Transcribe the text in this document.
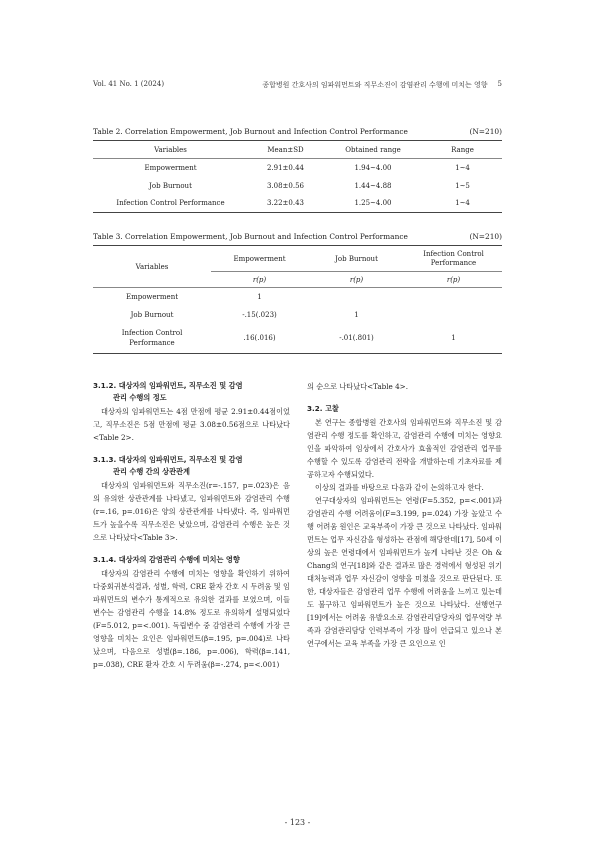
Vol. 41 No. 1 (2024)	종합병원 간호사의 임파워먼트와 직무소진이 감염관리 수행에 미치는 영향 5
Table 2. Correlation Empowerment, Job Burnout and Infection Control Performance	(N=210)
Variables	Mean±SD	Obtained range	Range
Empowerment	2.91±0.44	1.94~4.00	1~4
Job Burnout	3.08±0.56	1.44~4.88	1~5
Infection Control Performance	3.22±0.43	1.25~4.00	1~4
Table 3. Correlation Empowerment, Job Burnout and Infection Control Performance	(N=210)
Variables	Empowerment	Job Burnout	Infection Control Performance
	r(p)	r(p)	r(p)
Empowerment	1		
Job Burnout	-.15(.023)	1	
Infection Control Performance	.16(.016)	-.01(.801)	1
3.1.2. 대상자의 임파워먼트, 직무소진 및 감염
관리 수행의 정도

대상자의 임파워먼트는 4점 만점에 평균 2.91±0.44점이었고, 직무소진은 5점 만점에 평균 3.08±0.56점으로 나타났다<Table 2>.

3.1.3. 대상자의 임파워먼트, 직무소진 및 감염
관리 수행 간의 상관관계

대상자의 임파워먼트와 직무소진(r=-.157, p=.023)은 음의 유의한 상관관계를 나타냈고, 임파워먼트와 감염관리 수행(r=.16, p=.016)은 양의 상관관계를 나타냈다. 즉, 임파워먼트가 높을수록 직무소진은 낮았으며, 감염관리 수행은 높은 것으로 나타났다<Table 3>.

3.1.4. 대상자의 감염관리 수행에 미치는 영향

대상자의 감염관리 수행에 미치는 영향을 확인하기 위하여 다중회귀분석결과, 성별, 학력, CRE 환자 간호 시 두려움 및 임파워먼트의 변수가 통계적으로 유의한 결과를 보였으며, 이들 변수는 감염관리 수행을 14.8% 정도로 유의하게 설명되었다(F=5.012, p=<.001). 독립변수 중 감염관리 수행에 가장 큰 영향을 미치는 요인은 임파워먼트(β=.195, p=.004)로 나타났으며, 다음으로 성별(β=.186, p=.006), 학력(β=.141, p=.038), CRE 환자 간호 시 두려움(β=-.274, p=<.001)

의 순으로 나타났다<Table 4>.

3.2. 고찰

본 연구는 종합병원 간호사의 임파워먼트와 직무소진 및 감염관리 수행 정도를 확인하고, 감염관리 수행에 미치는 영향요인을 파악하여 임상에서 간호사가 효율적인 감염관리 업무를 수행할 수 있도록 감염관리 전략을 개발하는데 기초자료를 제공하고자 수행되었다.

이상의 결과를 바탕으로 다음과 같이 논의하고자 한다.

연구대상자의 임파워먼트는 연령(F=5.352, p=<.001)과 감염관리 수행 어려움이(F=3.199, p=.024) 가장 높았고 수행 어려움 원인은 교육부족이 가장 큰 것으로 나타났다. 임파워먼트는 업무 자신감을 형성하는 관점에 해당한데[17], 50세 이상의 높은 연령대에서 임파워먼트가 높게 나타난 것은 Oh & Chang의 연구[18]와 같은 결과로 많은 경력에서 형성된 위기대처능력과 업무 자신감이 영향을 미쳤을 것으로 판단된다. 또한, 대상자들은 감염관리 업무 수행에 어려움을 느끼고 있는데도 불구하고 임파워먼트가 높은 것으로 나타났다. 선행연구[19]에서는 어려움 유발요소로 감염관리담당자의 업무역량 부족과 감염관리담당 인력부족이 가장 많이 언급되고 있으나 본 연구에서는 교육 부족을 가장 큰 요인으로 인

- 123 -
